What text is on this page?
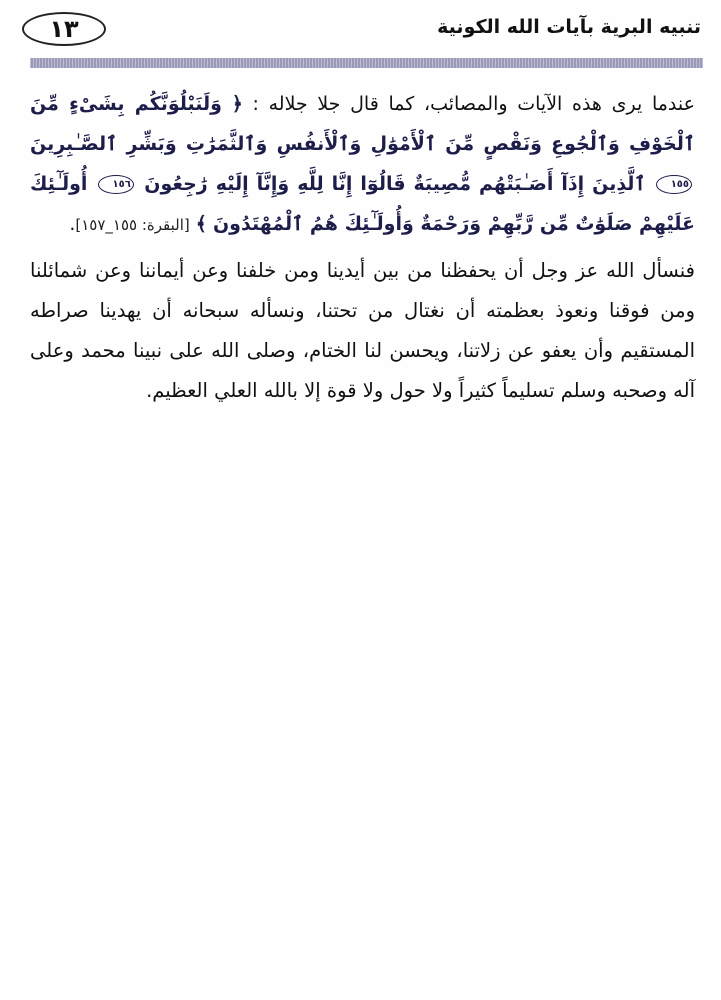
تنبيه البرية بآيات الله الكونية
١٣

عندما يرى هذه الآيات والمصائب، كما قال جلا جلاله : ﴿ وَلَنَبْلُوَنَّكُم بِشَىْءٍ مِّنَ ٱلْخَوْفِ وَٱلْجُوعِ وَنَقْصٍ مِّنَ ٱلْأَمْوَٰلِ وَٱلْأَنفُسِ وَٱلثَّمَرَٰتِ وَبَشِّرِ ٱلصَّـٰبِرِينَ ١٥٥ ٱلَّذِينَ إِذَآ أَصَـٰبَتْهُم مُّصِيبَةٌ قَالُوٓا إِنَّا لِلَّهِ وَإِنَّآ إِلَيْهِ رَٰجِعُونَ ١٥٦ أُولَـٰٓئِكَ عَلَيْهِمْ صَلَوَٰتٌ مِّن رَّبِّهِمْ وَرَحْمَةٌ وَأُولَـٰٓئِكَ هُمُ ٱلْمُهْتَدُونَ ﴾ [البقرة: ١٥٥_١٥٧].

فنسأل الله عز وجل أن يحفظنا من بين أيدينا ومن خلفنا وعن أيماننا وعن شمائلنا ومن فوقنا ونعوذ بعظمته أن نغتال من تحتنا، ونسأله سبحانه أن يهدينا صراطه المستقيم وأن يعفو عن زلاتنا، ويحسن لنا الختام، وصلى الله على نبينا محمد وعلى آله وصحبه وسلم تسليماً كثيراً ولا حول ولا قوة إلا بالله العلي العظيم.
